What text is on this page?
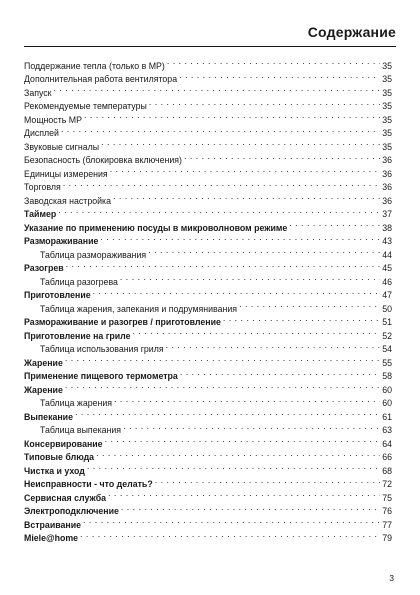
Содержание
Поддержание тепла (только в MP) . . .	35
Дополнительная работа вентилятора . . .	35
Запуск . . .	35
Рекомендуемые температуры . . .	35
Мощность MP . . .	35
Дисплей . . .	35
Звуковые сигналы . . .	35
Безопасность (блокировка включения) . . .	36
Единицы измерения . . .	36
Торговля . . .	36
Заводская настройка . . .	36
Таймер . . .	37
Указание по применению посуды в микроволновом режиме . . .	38
Размораживание . . .	43
Таблица размораживания . . .	44
Разогрев . . .	45
Таблица разогрева . . .	46
Приготовление . . .	47
Таблица жарения, запекания и подрумянивания . . .	50
Размораживание и разогрев / приготовление . . .	51
Приготовление на гриле . . .	52
Таблица использования гриля . . .	54
Жарение . . .	55
Применение пищевого термометра . . .	58
Жарение . . .	60
Таблица жарения . . .	60
Выпекание . . .	61
Таблица выпекания . . .	63
Консервирование . . .	64
Типовые блюда . . .	66
Чистка и уход . . .	68
Неисправности - что делать? . . .	72
Сервисная служба . . .	75
Электроподключение . . .	76
Встраивание . . .	77
Miele@home . . .	79
3
